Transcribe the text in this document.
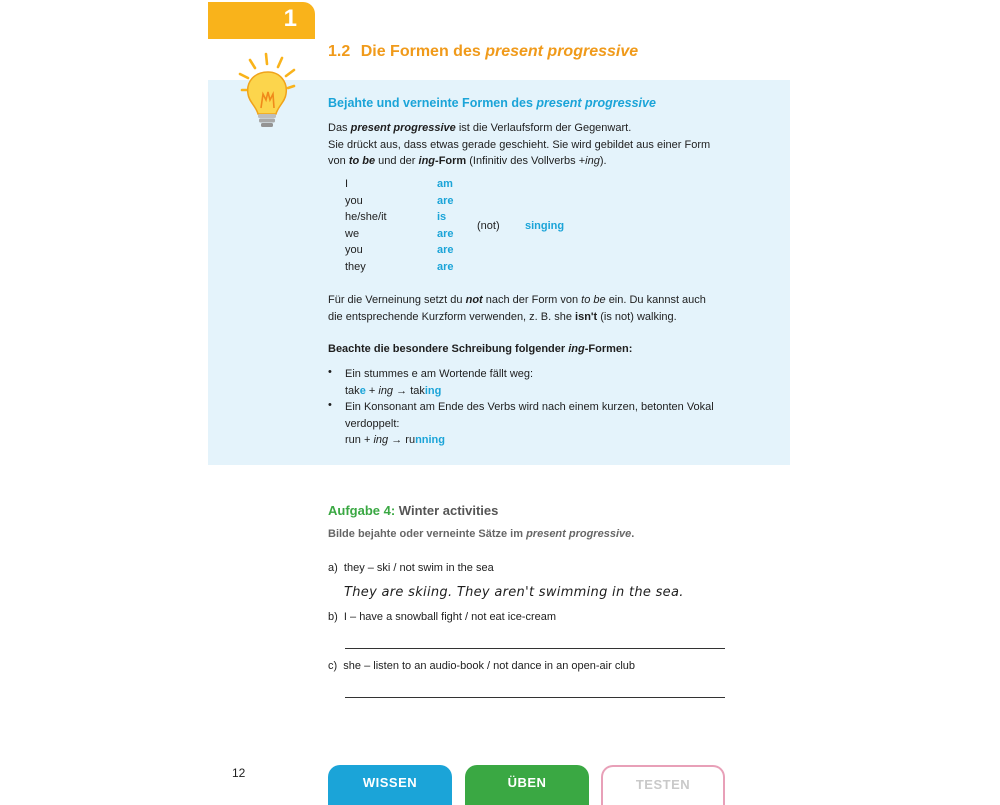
1
1.2 Die Formen des present progressive
Bejahte und verneinte Formen des present progressive
Das present progressive ist die Verlaufsform der Gegenwart.
Sie drückt aus, dass etwas gerade geschieht. Sie wird gebildet aus einer Form
von to be und der ing-Form (Infinitiv des Vollverbs +ing).
I
you
he/she/it
we
you
they
am
are
is
are
are
are
(not) singing
Für die Verneinung setzt du not nach der Form von to be ein. Du kannst auch
die entsprechende Kurzform verwenden, z. B. she isn't (is not) walking.
Beachte die besondere Schreibung folgender ing-Formen:
• Ein stummes e am Wortende fällt weg:
take + ing → taking
• Ein Konsonant am Ende des Verbs wird nach einem kurzen, betonten Vokal
verdoppelt:
run + ing → running
Aufgabe 4: Winter activities
Bilde bejahte oder verneinte Sätze im present progressive.
a) they – ski / not swim in the sea
They are skiing. They aren't swimming in the sea.
b) I – have a snowball fight / not eat ice-cream
c) she – listen to an audio-book / not dance in an open-air club
12
WISSEN	ÜBEN	TESTEN
